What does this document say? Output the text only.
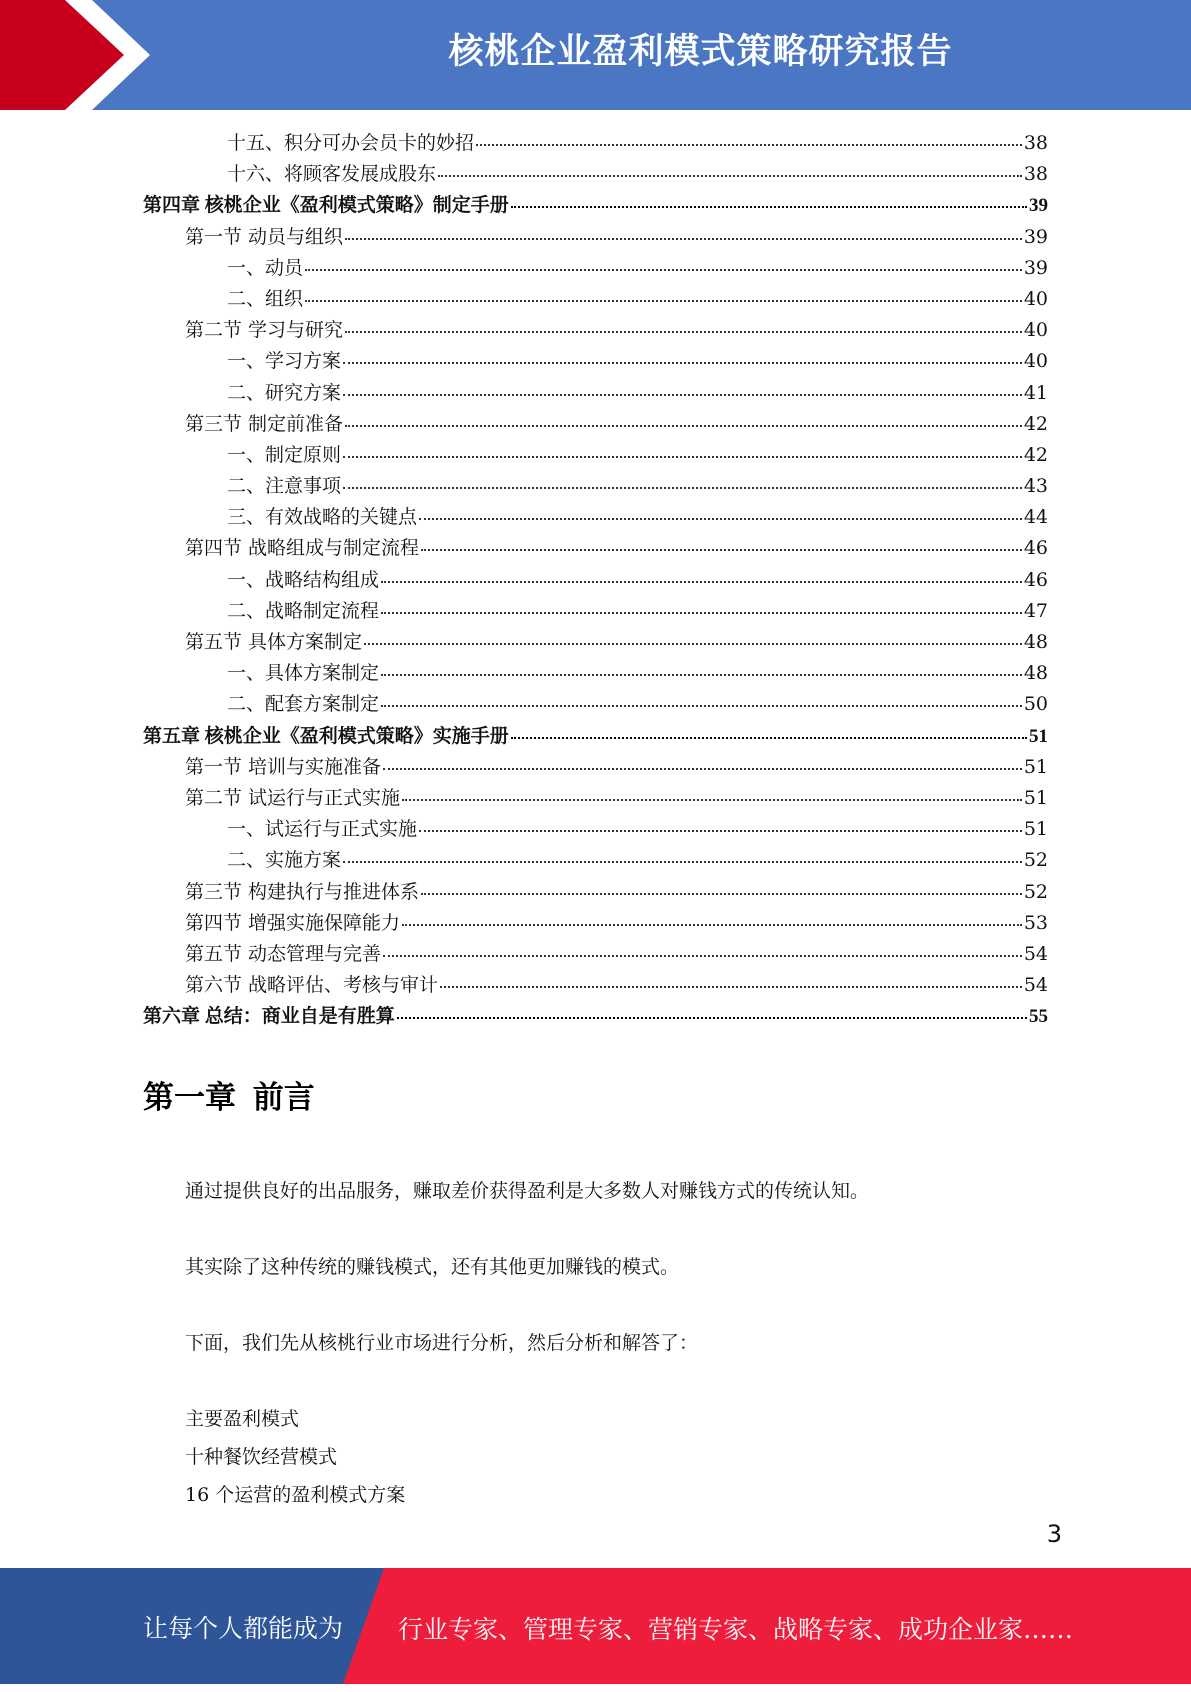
核桃企业盈利模式策略研究报告
十五、积分可办会员卡的妙招	38
十六、将顾客发展成股东	38
第四章 核桃企业《盈利模式策略》制定手册	39
第一节 动员与组织	39
一、动员	39
二、组织	40
第二节 学习与研究	40
一、学习方案	40
二、研究方案	41
第三节 制定前准备	42
一、制定原则	42
二、注意事项	43
三、有效战略的关键点	44
第四节 战略组成与制定流程	46
一、战略结构组成	46
二、战略制定流程	47
第五节 具体方案制定	48
一、具体方案制定	48
二、配套方案制定	50
第五章 核桃企业《盈利模式策略》实施手册	51
第一节 培训与实施准备	51
第二节 试运行与正式实施	51
一、试运行与正式实施	51
二、实施方案	52
第三节 构建执行与推进体系	52
第四节 增强实施保障能力	53
第五节 动态管理与完善	54
第六节 战略评估、考核与审计	54
第六章 总结：商业自是有胜算	55
第一章 前言
通过提供良好的出品服务，赚取差价获得盈利是大多数人对赚钱方式的传统认知。
其实除了这种传统的赚钱模式，还有其他更加赚钱的模式。
下面，我们先从核桃行业市场进行分析，然后分析和解答了：
主要盈利模式
十种餐饮经营模式
16 个运营的盈利模式方案
3
让每个人都能成为 行业专家、管理专家、营销专家、战略专家、成功企业家……
